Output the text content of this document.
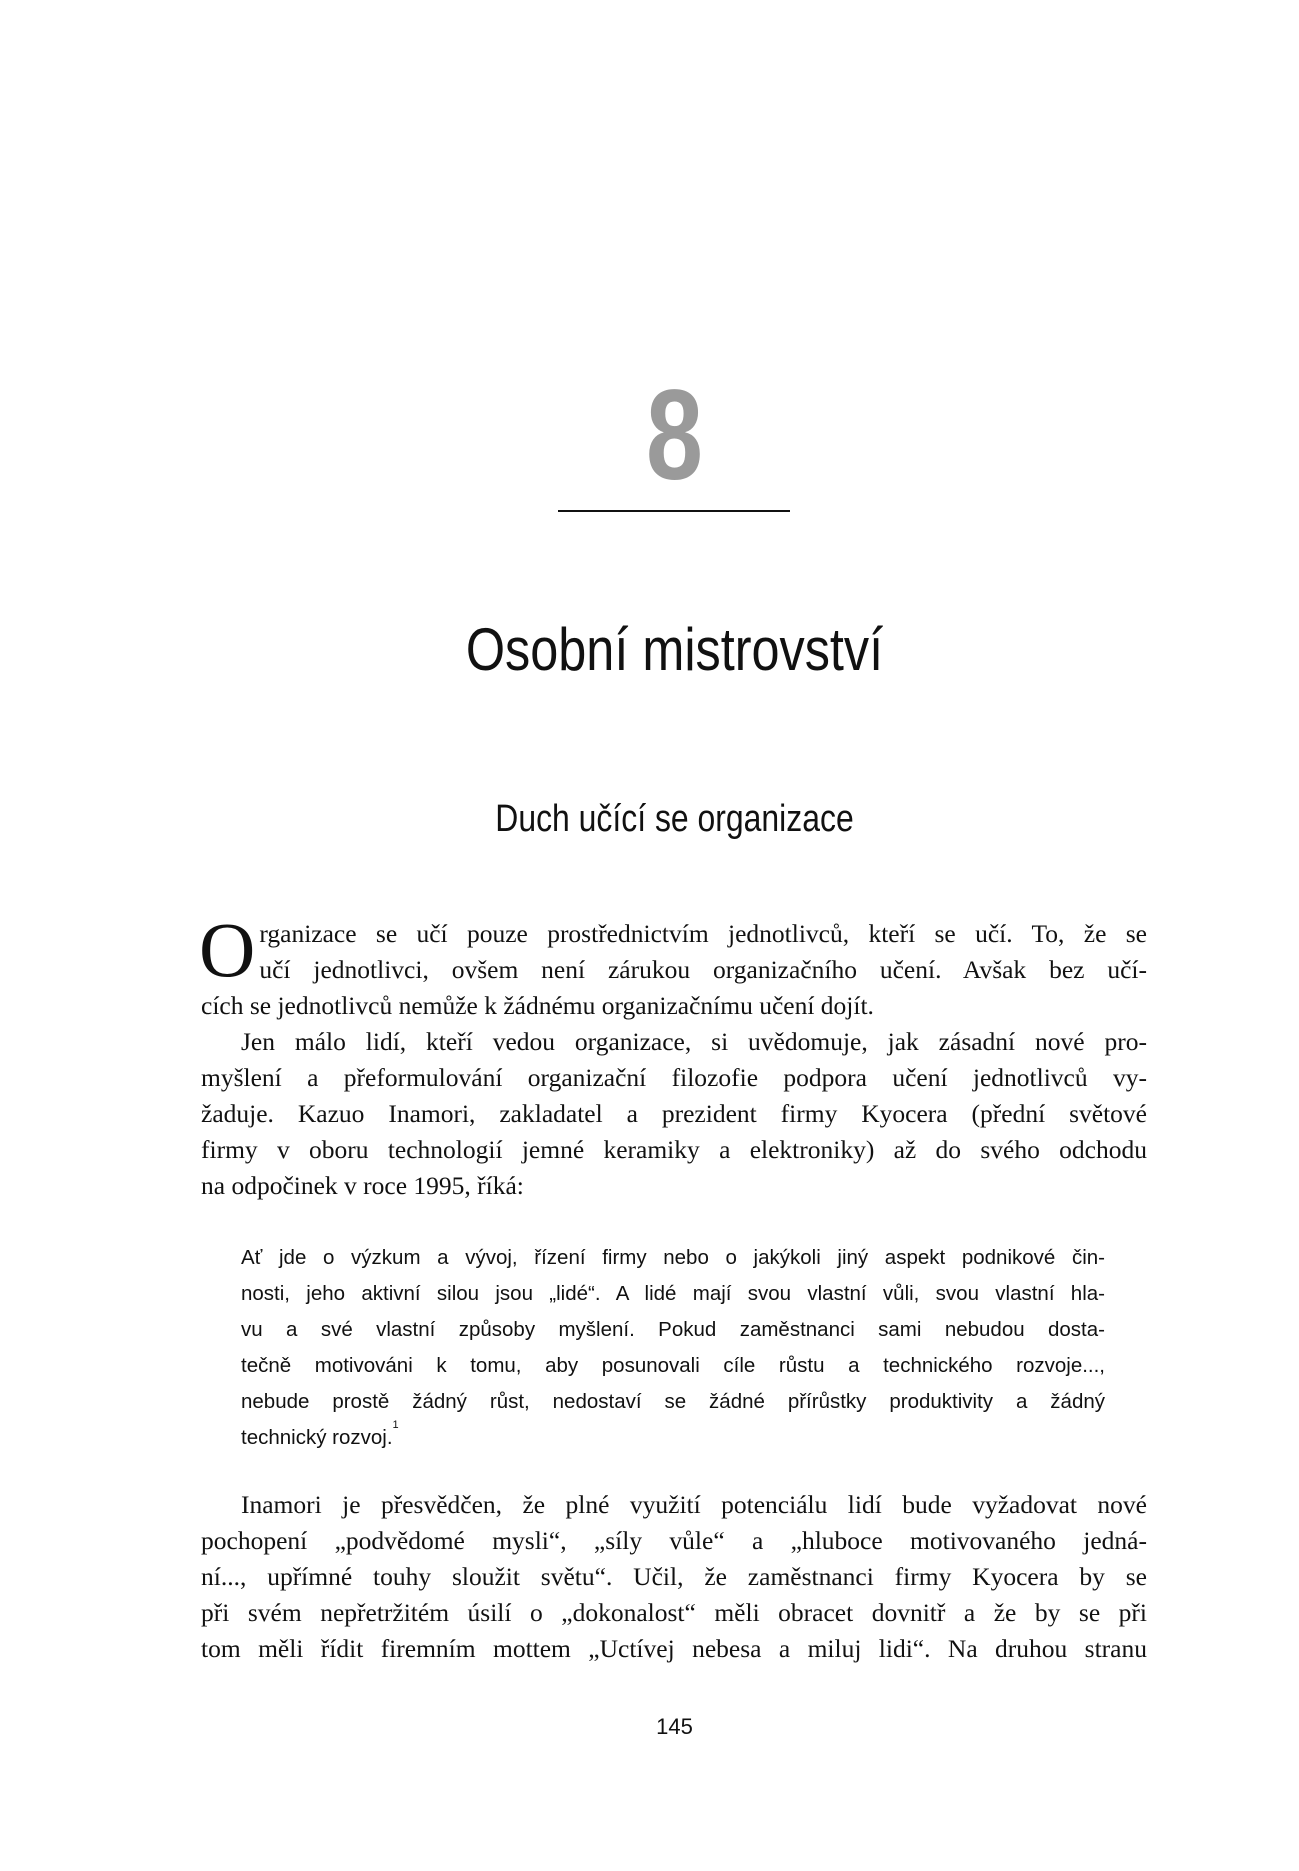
8
Osobní mistrovství
Duch učící se organizace
O rganizace se učí pouze prostřednictvím jednotlivců, kteří se učí. To, že se
učí jednotlivci, ovšem není zárukou organizačního učení. Avšak bez učí-
cích se jednotlivců nemůže k žádnému organizačnímu učení dojít.
Jen málo lidí, kteří vedou organizace, si uvědomuje, jak zásadní nové pro-
myšlení a přeformulování organizační filozofie podpora učení jednotlivců vy-
žaduje. Kazuo Inamori, zakladatel a prezident firmy Kyocera (přední světové
firmy v oboru technologií jemné keramiky a elektroniky) až do svého odchodu
na odpočinek v roce 1995, říká:
Ať jde o výzkum a vývoj, řízení firmy nebo o jakýkoli jiný aspekt podnikové čin-
nosti, jeho aktivní silou jsou „lidé“. A lidé mají svou vlastní vůli, svou vlastní hla-
vu a své vlastní způsoby myšlení. Pokud zaměstnanci sami nebudou dosta-
tečně motivováni k tomu, aby posunovali cíle růstu a technického rozvoje...,
nebude prostě žádný růst, nedostaví se žádné přírůstky produktivity a žádný
technický rozvoj.$^1$
Inamori je přesvědčen, že plné využití potenciálu lidí bude vyžadovat nové
pochopení „podvědomé mysli“, „síly vůle“ a „hluboce motivovaného jedná-
ní..., upřímné touhy sloužit světu“. Učil, že zaměstnanci firmy Kyocera by se
při svém nepřetržitém úsilí o „dokonalost“ měli obracet dovnitř a že by se při
tom měli řídit firemním mottem „Uctívej nebesa a miluj lidi“. Na druhou stranu
145
